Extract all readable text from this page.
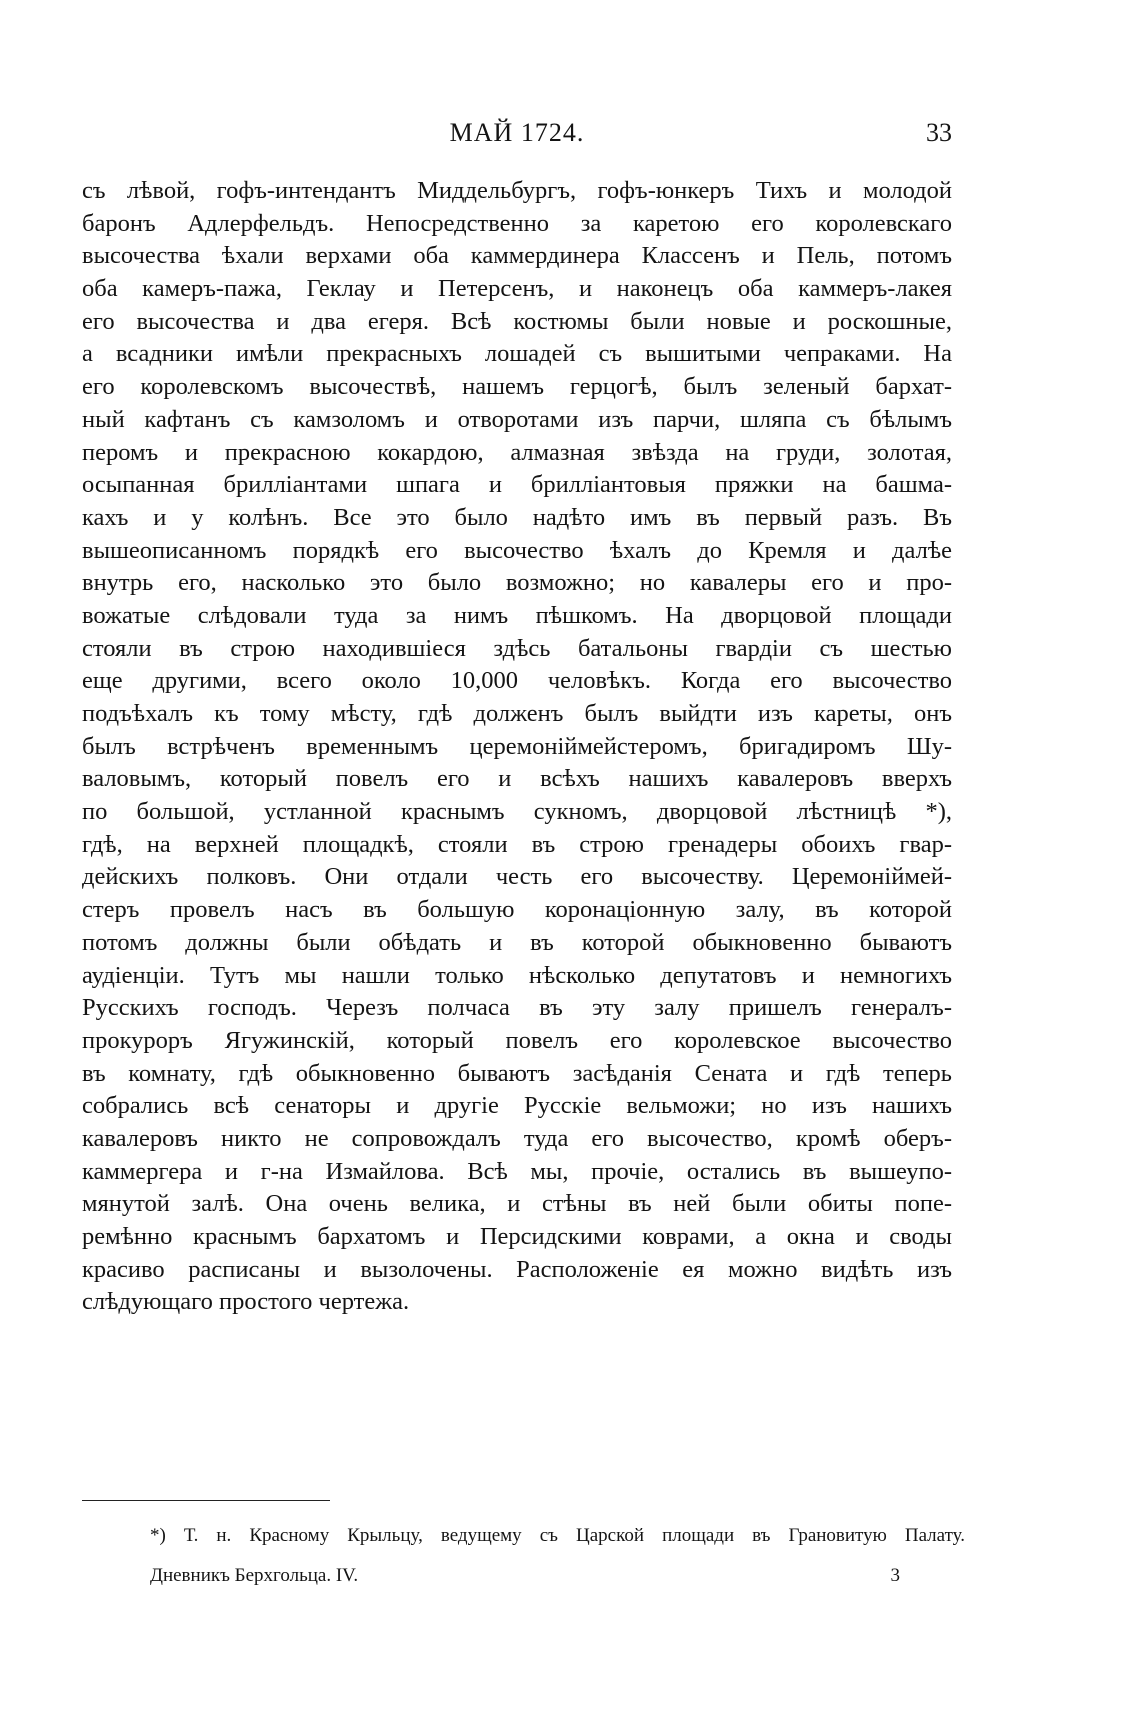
МАЙ 1724.	33
съ лѣвой, гофъ-интендантъ Миддельбургъ, гофъ-юнкеръ Тихъ и молодой
баронъ Адлерфельдъ. Непосредственно за каретою его королевскаго
высочества ѣхали верхами оба каммердинера Классенъ и Пель, потомъ
оба камеръ-пажа, Геклау и Петерсенъ, и наконецъ оба каммеръ-лакея
его высочества и два егеря. Всѣ костюмы были новые и роскошные,
а всадники имѣли прекрасныхъ лошадей съ вышитыми чепраками. На
его королевскомъ высочествѣ, нашемъ герцогѣ, былъ зеленый бархат-
ный кафтанъ съ камзоломъ и отворотами изъ парчи, шляпа съ бѣлымъ
перомъ и прекрасною кокардою, алмазная звѣзда на груди, золотая,
осыпанная бриллiантами шпага и брилліантовыя пряжки на башма-
кахъ и у колѣнъ. Все это было надѣто имъ въ первый разъ. Въ
вышеописанномъ порядкѣ его высочество ѣхалъ до Кремля и далѣе
внутрь его, насколько это было возможно; но кавалеры его и про-
вожатые слѣдовали туда за нимъ пѣшкомъ. На дворцовой площади
стояли въ строю находившiеся здѣсь батальоны гвардiи съ шестью
еще другими, всего около 10,000 человѣкъ. Когда его высочество
подъѣхалъ къ тому мѣсту, гдѣ долженъ былъ выйдти изъ кареты, онъ
былъ встрѣченъ временнымъ церемонiймейстеромъ, бригадиромъ Шу-
валовымъ, который повелъ его и всѣхъ нашихъ кавалеровъ вверхъ
по большой, устланной краснымъ сукномъ, дворцовой лѣстницѣ *),
гдѣ, на верхней площадкѣ, стояли въ строю гренадеры обоихъ гвар-
дейскихъ полковъ. Они отдали честь его высочеству. Церемонiймей-
стеръ провелъ насъ въ большую коронацiонную залу, въ которой
потомъ должны были обѣдать и въ которой обыкновенно бываютъ
аудiенцiи. Тутъ мы нашли только нѣсколько депутатовъ и немногихъ
Русскихъ господъ. Черезъ полчаса въ эту залу пришелъ генералъ-
прокуроръ Ягужинскiй, который повелъ его королевское высочество
въ комнату, гдѣ обыкновенно бываютъ засѣданiя Сената и гдѣ теперь
собрались всѣ сенаторы и другiе Русскiе вельможи; но изъ нашихъ
кавалеровъ никто не сопровождалъ туда его высочество, кромѣ оберъ-
каммергера и г-на Измайлова. Всѣ мы, прочiе, остались въ вышеупо-
мянутой залѣ. Она очень велика, и стѣны въ ней были обиты попе-
ремѣнно краснымъ бархатомъ и Персидскими коврами, а окна и своды
красиво расписаны и вызолочены. Расположенiе ея можно видѣть изъ
слѣдующаго простого чертежа.
*) Т. н. Красному Крыльцу, ведущему съ Царской площади въ Грановитую Палату.
Дневникъ Берхгольца. IV.	3
